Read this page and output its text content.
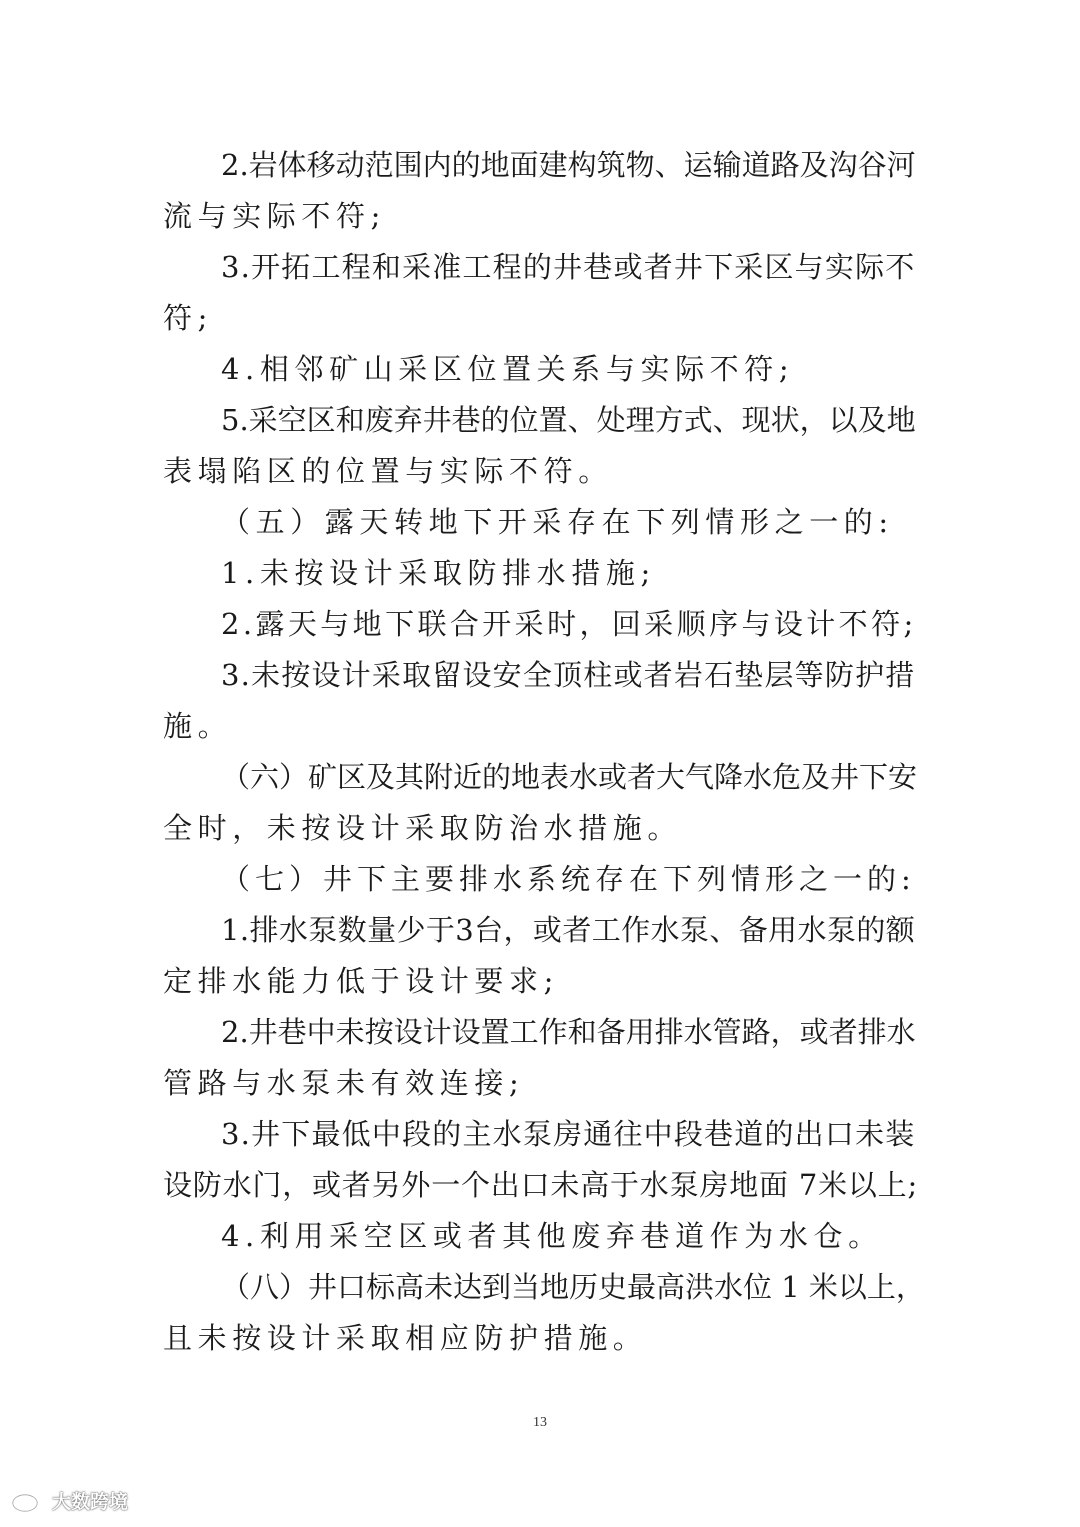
2.岩体移动范围内的地面建构筑物、运输道路及沟谷河
流与实际不符;
3.开拓工程和采准工程的井巷或者井下采区与实际不
符;
4.相邻矿山采区位置关系与实际不符;
5.采空区和废弃井巷的位置、处理方式、现状，以及地
表塌陷区的位置与实际不符。
（五）露天转地下开采存在下列情形之一的:
1.未按设计采取防排水措施;
2.露天与地下联合开采时，回采顺序与设计不符;
3.未按设计采取留设安全顶柱或者岩石垫层等防护措
施。
（六）矿区及其附近的地表水或者大气降水危及井下安
全时，未按设计采取防治水措施。
（七）井下主要排水系统存在下列情形之一的:
1.排水泵数量少于3台，或者工作水泵、备用水泵的额
定排水能力低于设计要求;
2.井巷中未按设计设置工作和备用排水管路，或者排水
管路与水泵未有效连接;
3.井下最低中段的主水泵房通往中段巷道的出口未装
设防水门，或者另外一个出口未高于水泵房地面 7米以上;
4.利用采空区或者其他废弃巷道作为水仓。
（八）井口标高未达到当地历史最高洪水位 1 米以上，
且未按设计采取相应防护措施。
13
大数跨境
